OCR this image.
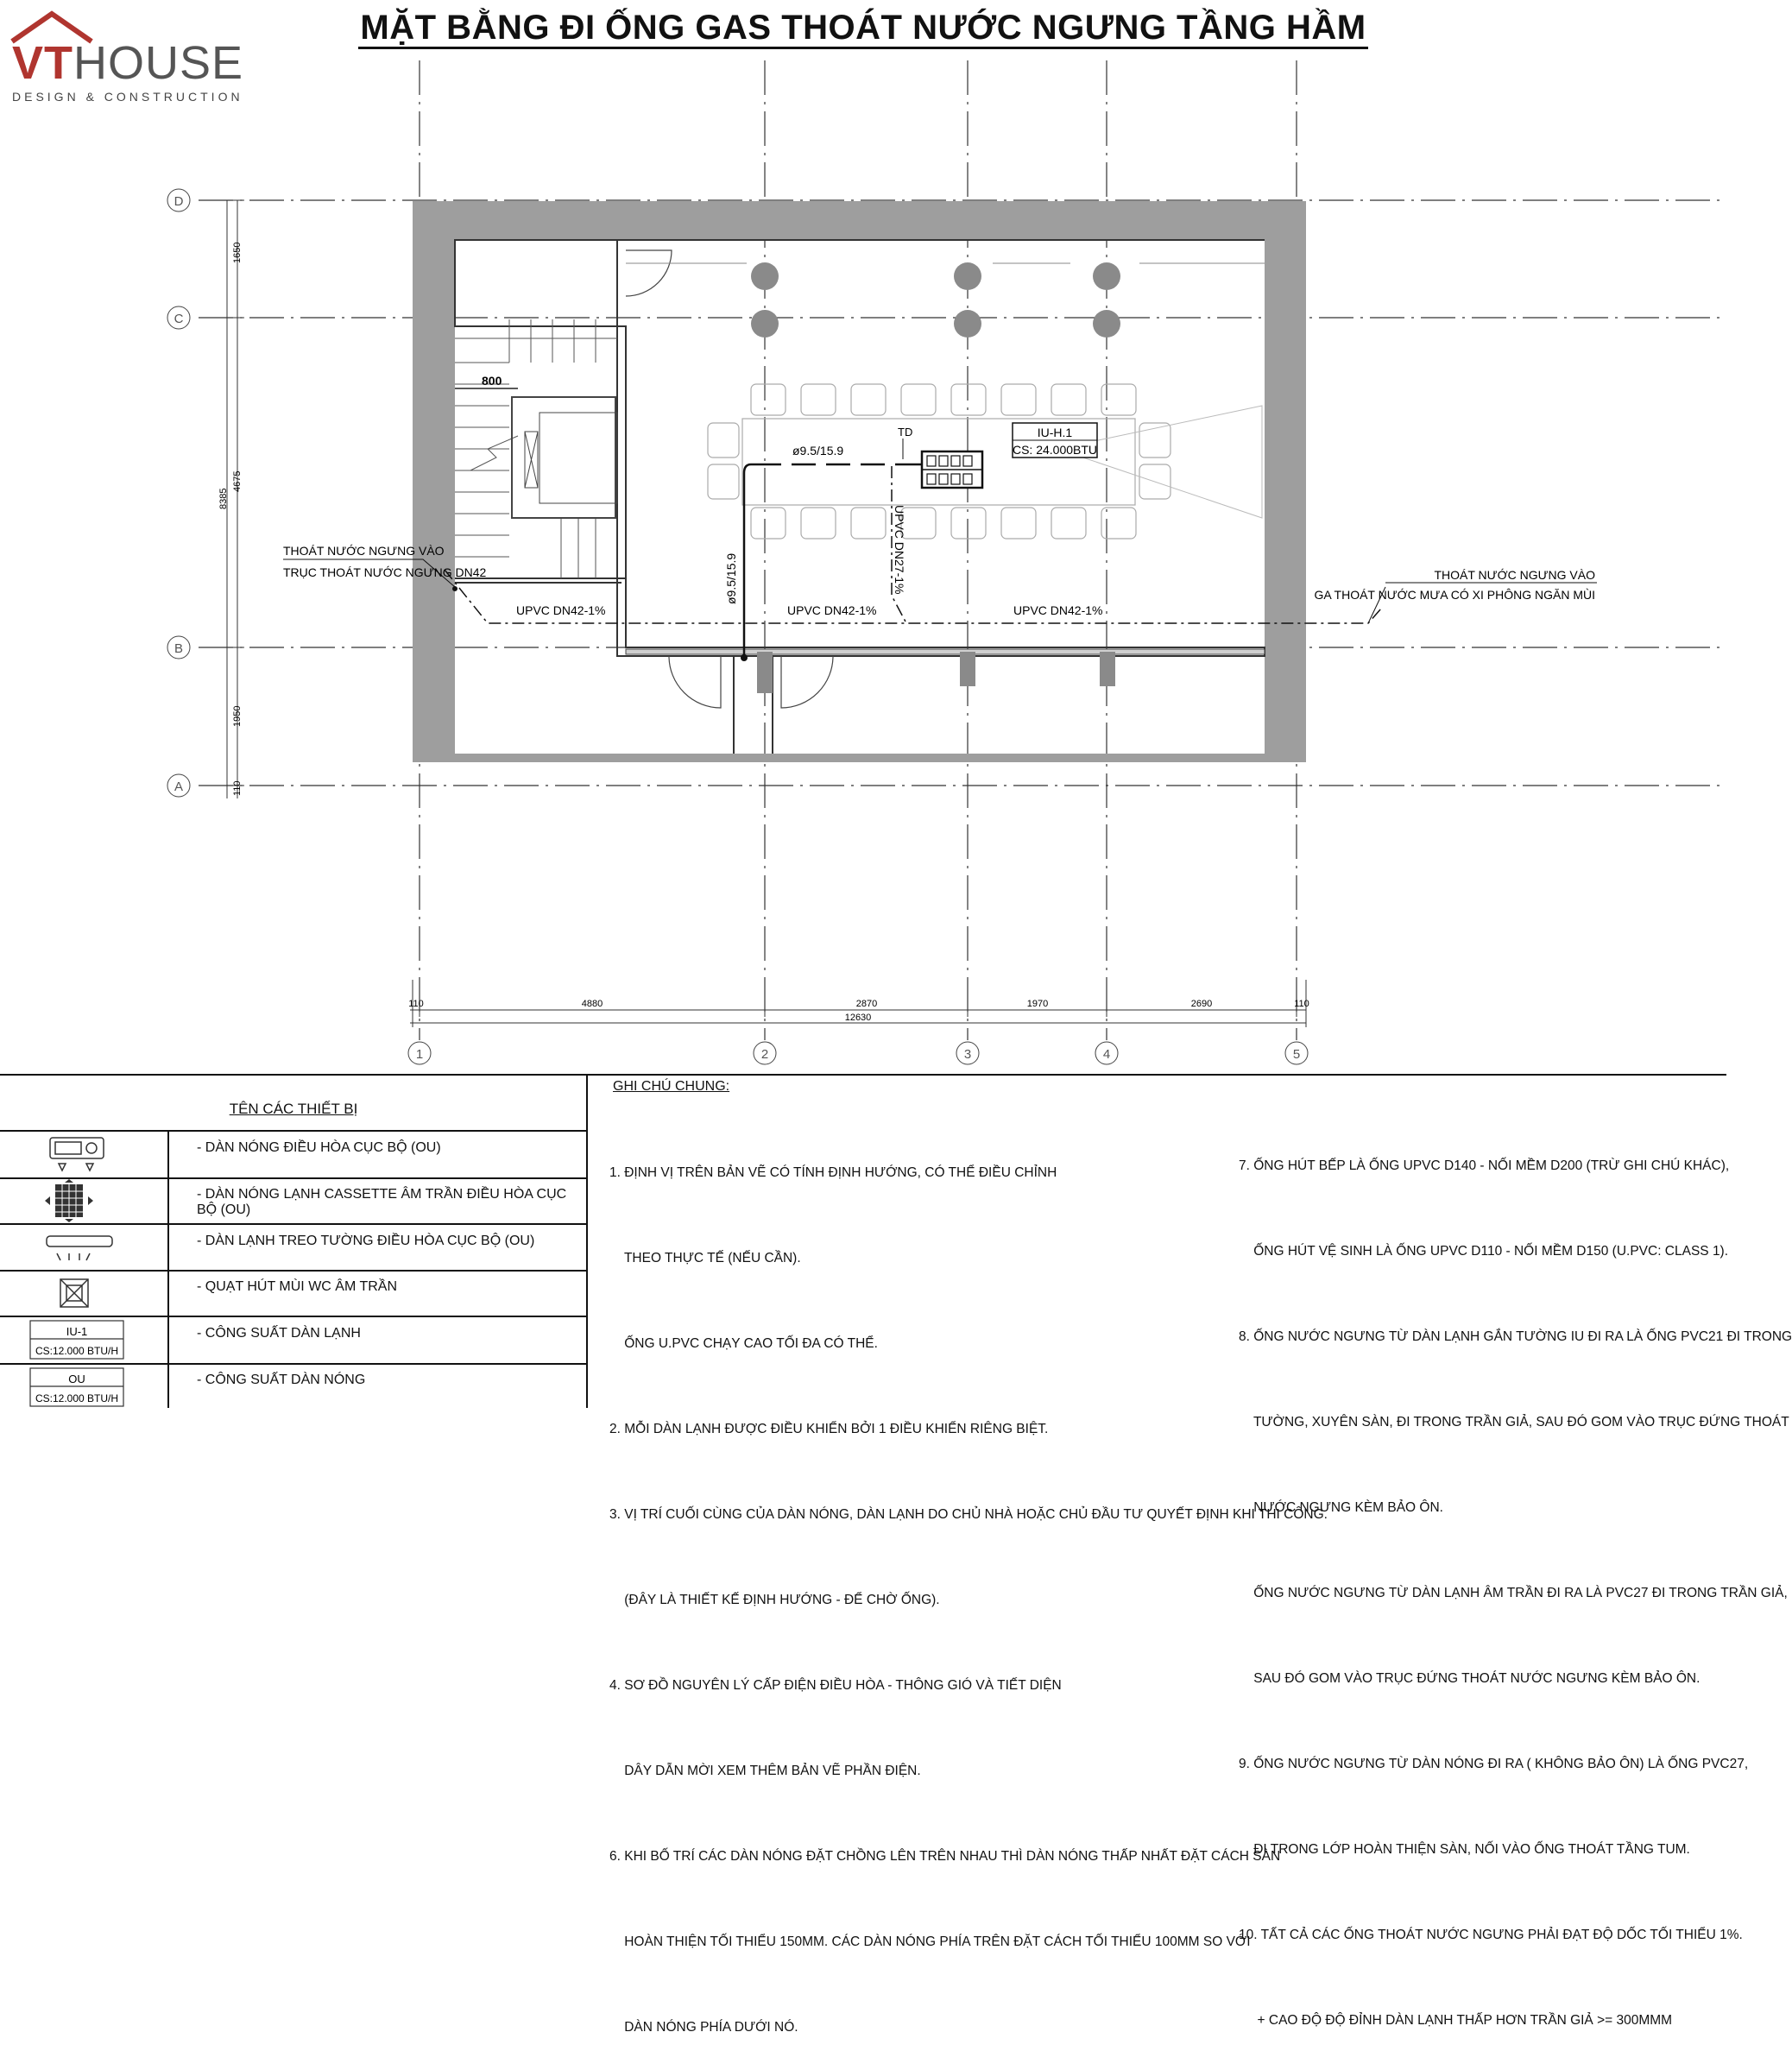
VTHOUSE
DESIGN & CONSTRUCTION
MẶT BẰNG ĐI ỐNG GAS THOÁT NƯỚC NGƯNG TẦNG HẦM
800
IU-H.1
CS: 24.000BTU
ø9.5/15.9
ø9.5/15.9
TD
UPVC DN27-1%
UPVC DN42-1%	UPVC DN42-1%	UPVC DN42-1%
THOÁT NƯỚC NGƯNG VÀO
TRỤC THOÁT NƯỚC NGƯNG DN42	THOÁT NƯỚC NGƯNG VÀO
GA THOÁT NƯỚC MƯA CÓ XI PHÔNG NGĂN MÙI
1650
4675
8385
1950
110
D
C
B
A
110	4880	2870	1970	2690	110
12630
1	2	3	4	5
IU-1
CS:12.000 BTU/H
OU
CS:12.000 BTU/H
TÊN CÁC THIẾT BỊ
- DÀN NÓNG ĐIỀU HÒA CỤC BỘ (OU)
- DÀN NÓNG LẠNH CASSETTE ÂM TRẦN ĐIỀU HÒA CỤC BỘ (OU)
- DÀN LẠNH TREO TƯỜNG ĐIỀU HÒA CỤC BỘ (OU)
- QUẠT HÚT MÙI WC ÂM TRẦN
- CÔNG SUẤT DÀN LẠNH
- CÔNG SUẤT DÀN NÓNG
GHI CHÚ CHUNG:

1. ĐỊNH VỊ TRÊN BẢN VẼ CÓ TÍNH ĐỊNH HƯỚNG, CÓ THỂ ĐIỀU CHỈNH

THEO THỰC TẾ (NẾU CẦN).

ỐNG U.PVC CHẠY CAO TỐI ĐA CÓ THỂ.

2. MỖI DÀN LẠNH ĐƯỢC ĐIỀU KHIỂN BỞI 1 ĐIỀU KHIỂN RIÊNG BIỆT.

3. VỊ TRÍ CUỐI CÙNG CỦA DÀN NÓNG, DÀN LẠNH DO CHỦ NHÀ HOẶC CHỦ ĐẦU TƯ QUYẾT ĐỊNH KHI THI CÔNG.

(ĐÂY LÀ THIẾT KẾ ĐỊNH HƯỚNG - ĐỂ CHỜ ỐNG).

4. SƠ ĐỒ NGUYÊN LÝ CẤP ĐIỆN ĐIỀU HÒA - THÔNG GIÓ VÀ TIẾT DIỆN

DÂY DẪN MỜI XEM THÊM BẢN VẼ PHẦN ĐIỆN.

6. KHI BỐ TRÍ CÁC DÀN NÓNG ĐẶT CHỒNG LÊN TRÊN NHAU THÌ DÀN NÓNG THẤP NHẤT ĐẶT CÁCH SÀN

HOÀN THIỆN TỐI THIỂU 150MM. CÁC DÀN NÓNG PHÍA TRÊN ĐẶT CÁCH TỐI THIỂU 100MM SO VỚI

DÀN NÓNG PHÍA DƯỚI NÓ.

7. ỐNG HÚT BẾP LÀ ỐNG UPVC D140 - NỐI MỀM D200 (TRỪ GHI CHÚ KHÁC),

ỐNG HÚT VỆ SINH LÀ ỐNG UPVC D110 - NỐI MỀM D150 (U.PVC: CLASS 1).

8. ỐNG NƯỚC NGƯNG TỪ DÀN LẠNH GẮN TƯỜNG IU ĐI RA LÀ ỐNG PVC21 ĐI TRONG

TƯỜNG, XUYÊN SÀN, ĐI TRONG TRẦN GIẢ, SAU ĐÓ GOM VÀO TRỤC ĐỨNG THOÁT

NƯỚC NGƯNG KÈM BẢO ÔN.

ỐNG NƯỚC NGƯNG TỪ DÀN LẠNH ÂM TRẦN ĐI RA LÀ PVC27 ĐI TRONG TRẦN GIẢ,

SAU ĐÓ GOM VÀO TRỤC ĐỨNG THOÁT NƯỚC NGƯNG KÈM BẢO ÔN.

9. ỐNG NƯỚC NGƯNG TỪ DÀN NÓNG ĐI RA ( KHÔNG BẢO ÔN) LÀ ỐNG PVC27,

ĐI TRONG LỚP HOÀN THIỆN SÀN, NỐI VÀO ỐNG THOÁT TẦNG TUM.

10. TẤT CẢ CÁC ỐNG THOÁT NƯỚC NGƯNG PHẢI ĐẠT ĐỘ DỐC TỐI THIỂU 1%.

+ CAO ĐỘ ĐỘ ĐỈNH DÀN LẠNH THẤP HƠN TRẦN GIẢ >= 300MMM
